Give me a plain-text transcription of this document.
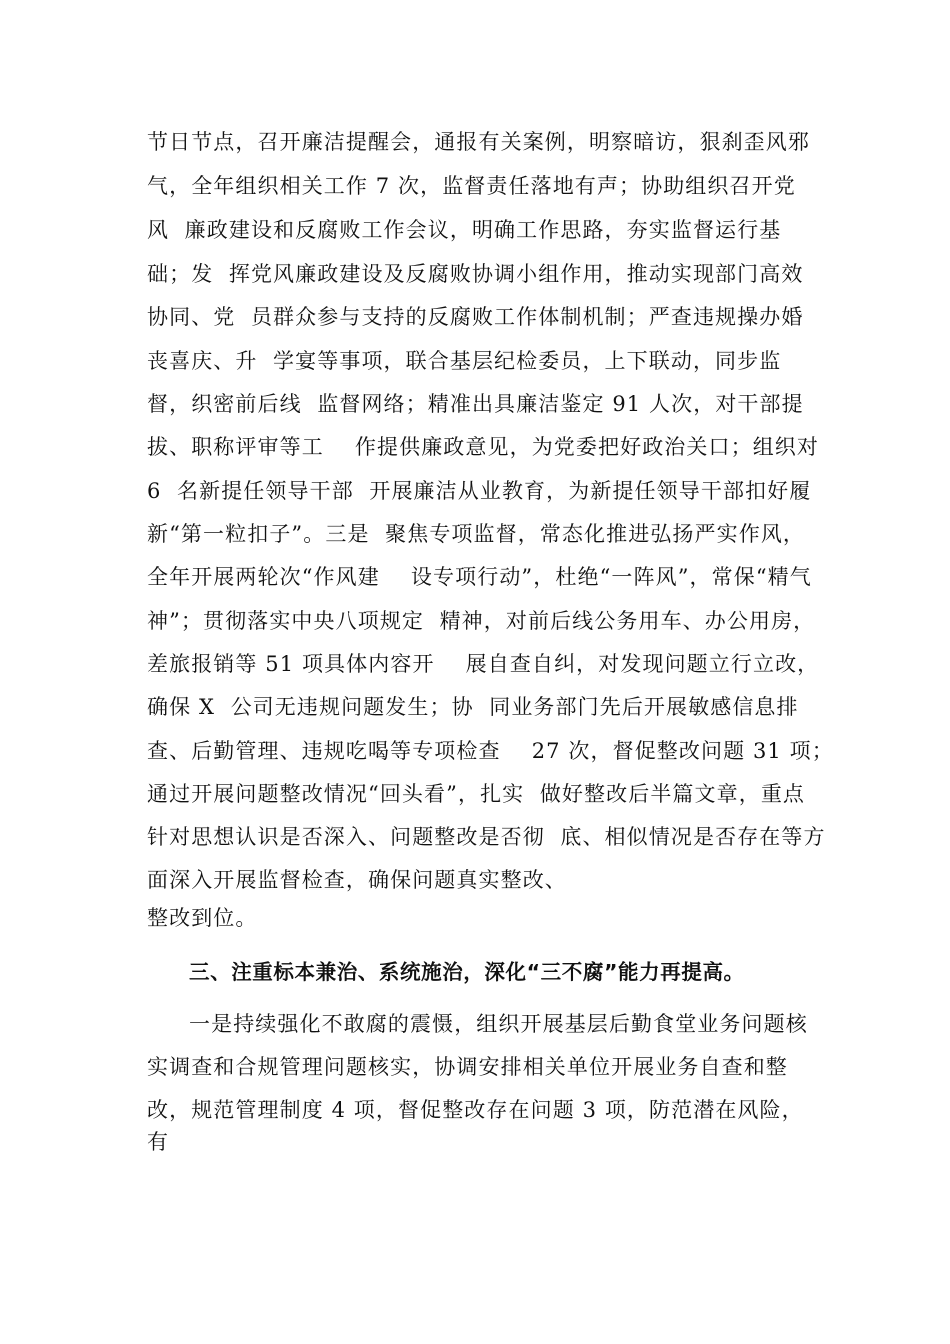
节日节点，召开廉洁提醒会，通报有关案例，明察暗访，狠刹歪风邪
气，全年组织相关工作 7 次，监督责任落地有声；协助组织召开党
风  廉政建设和反腐败工作会议，明确工作思路，夯实监督运行基
础；发  挥党风廉政建设及反腐败协调小组作用，推动实现部门高效
协同、党  员群众参与支持的反腐败工作体制机制；严查违规操办婚
丧喜庆、升  学宴等事项，联合基层纪检委员，上下联动，同步监
督，织密前后线  监督网络；精准出具廉洁鉴定 91 人次，对干部提
拔、职称评审等工    作提供廉政意见，为党委把好政治关口；组织对
6  名新提任领导干部  开展廉洁从业教育，为新提任领导干部扣好履
新“第一粒扣子”。三是  聚焦专项监督，常态化推进弘扬严实作风，
全年开展两轮次“作风建    设专项行动”，杜绝“一阵风”，常保“精气
神”；贯彻落实中央八项规定  精神，对前后线公务用车、办公用房，
差旅报销等 51 项具体内容开    展自查自纠，对发现问题立行立改，
确保 X  公司无违规问题发生；协  同业务部门先后开展敏感信息排
查、后勤管理、违规吃喝等专项检查    27 次，督促整改问题 31 项；
通过开展问题整改情况“回头看”，扎实  做好整改后半篇文章，重点
针对思想认识是否深入、问题整改是否彻  底、相似情况是否存在等方
面深入开展监督检查，确保问题真实整改、
整改到位。
三、注重标本兼治、系统施治，深化“三不腐”能力再提高。
一是持续强化不敢腐的震慑，组织开展基层后勤食堂业务问题核
实调查和合规管理问题核实，协调安排相关单位开展业务自查和整
改，规范管理制度 4 项，督促整改存在问题 3 项，防范潜在风险，
有
